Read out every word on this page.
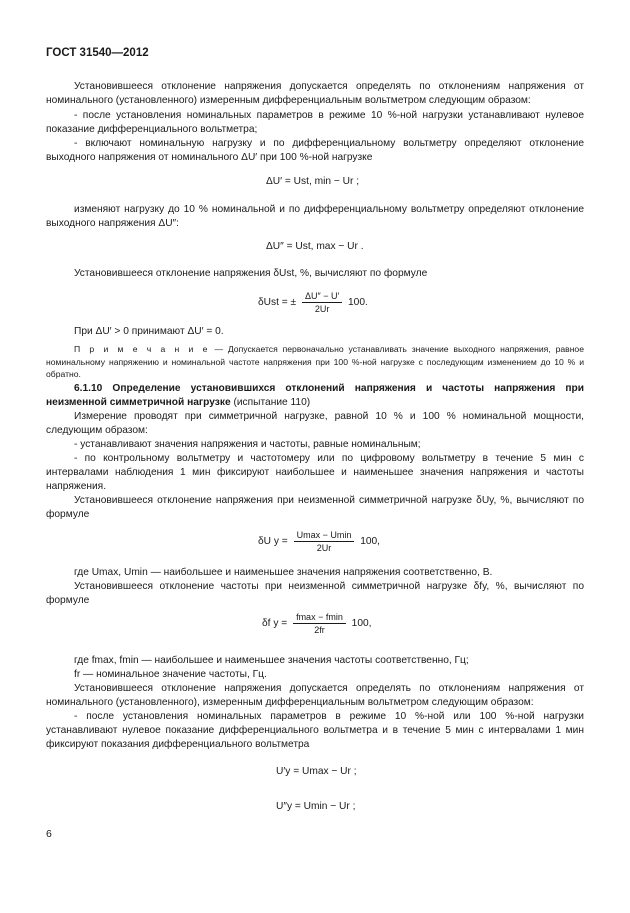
ГОСТ 31540—2012

Установившееся отклонение напряжения допускается определять по отклонениям напряжения от номинального (установленного) измеренным дифференциальным вольтметром следующим образом:

- после установления номинальных параметров в режиме 10 %-ной нагрузки устанавливают нулевое показание дифференциального вольтметра;

- включают номинальную нагрузку и по дифференциальному вольтметру определяют отклонение выходного напряжения от номинального ΔU′ при 100 %-ной нагрузке

ΔU′ = Ust, min − Ur ;

изменяют нагрузку до 10 % номинальной и по дифференциальному вольтметру определяют отклонение выходного напряжения ΔU″:

ΔU″ = Ust, max − Ur .

Установившееся отклонение напряжения δUst, %, вычисляют по формуле

δUst = ± $\frac{\Delta U'' - U'}{2Ur} 100$.

При ΔU′ > 0 принимают ΔU′ = 0.

П р и м е ч а н и е — Допускается первоначально устанавливать значение выходного напряжения, равное номинальному напряжению и номинальной частоте напряжения при 100 %-ной нагрузке с последующим изменением до 10 % и обратно.

6.1.10 Определение установившихся отклонений напряжения и частоты напряжения при неизменной симметричной нагрузке (испытание 110)

Измерение проводят при симметричной нагрузке, равной 10 % и 100 % номинальной мощности, следующим образом:

- устанавливают значения напряжения и частоты, равные номинальным;

- по контрольному вольтметру и частотомеру или по цифровому вольтметру в течение 5 мин с интервалами наблюдения 1 мин фиксируют наибольшее и наименьшее значения напряжения и частоты напряжения.

Установившееся отклонение напряжения при неизменной симметричной нагрузке δUy, %, вычисляют по формуле

δU $y = \frac{Umax - Umin}{2Ur} 100$,

где Umax, Umin — наибольшее и наименьшее значения напряжения соответственно, В.

Установившееся отклонение частоты при неизменной симметричной нагрузке δfy, %, вычисляют по формуле

δf $y = \frac{fmax - fmin}{2fr} 100$,

где fmax, fmin — наибольшее и наименьшее значения частоты соответственно, Гц;

fr — номинальное значение частоты, Гц.

Установившееся отклонение напряжения допускается определять по отклонениям напряжения от номинального (установленного), измеренным дифференциальным вольтметром следующим образом:

- после установления номинальных параметров в режиме 10 %-ной или 100 %-ной нагрузки устанавливают нулевое показание дифференциального вольтметра и в течение 5 мин с интервалами 1 мин фиксируют показания дифференциального вольтметра

U′y = Umax − Ur ;
U″y = Umin − Ur ;
6
